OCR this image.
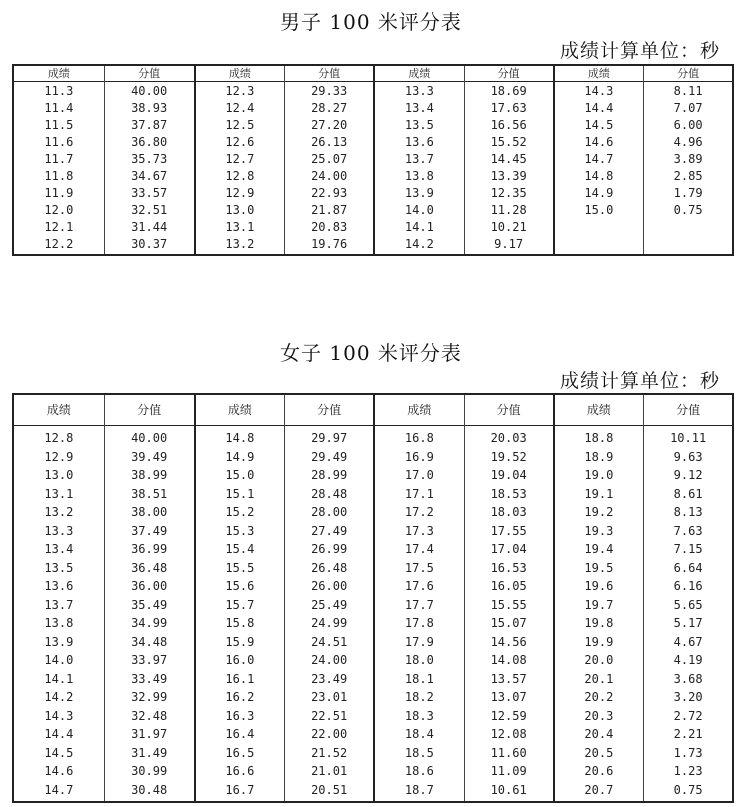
男子 100 米评分表
成绩计算单位：秒
成绩
11.3
11.4
11.5
11.6
11.7
11.8
11.9
12.0
12.1
12.2
分值
40.00
38.93
37.87
36.80
35.73
34.67
33.57
32.51
31.44
30.37
成绩
12.3
12.4
12.5
12.6
12.7
12.8
12.9
13.0
13.1
13.2
分值
29.33
28.27
27.20
26.13
25.07
24.00
22.93
21.87
20.83
19.76
成绩
13.3
13.4
13.5
13.6
13.7
13.8
13.9
14.0
14.1
14.2
分值
18.69
17.63
16.56
15.52
14.45
13.39
12.35
11.28
10.21
9.17
成绩
14.3
14.4
14.5
14.6
14.7
14.8
14.9
15.0
分值
8.11
7.07
6.00
4.96
3.89
2.85
1.79
0.75
女子 100 米评分表
成绩计算单位：秒
成绩
12.8
12.9
13.0
13.1
13.2
13.3
13.4
13.5
13.6
13.7
13.8
13.9
14.0
14.1
14.2
14.3
14.4
14.5
14.6
14.7
分值
40.00
39.49
38.99
38.51
38.00
37.49
36.99
36.48
36.00
35.49
34.99
34.48
33.97
33.49
32.99
32.48
31.97
31.49
30.99
30.48
成绩
14.8
14.9
15.0
15.1
15.2
15.3
15.4
15.5
15.6
15.7
15.8
15.9
16.0
16.1
16.2
16.3
16.4
16.5
16.6
16.7
分值
29.97
29.49
28.99
28.48
28.00
27.49
26.99
26.48
26.00
25.49
24.99
24.51
24.00
23.49
23.01
22.51
22.00
21.52
21.01
20.51
成绩
16.8
16.9
17.0
17.1
17.2
17.3
17.4
17.5
17.6
17.7
17.8
17.9
18.0
18.1
18.2
18.3
18.4
18.5
18.6
18.7
分值
20.03
19.52
19.04
18.53
18.03
17.55
17.04
16.53
16.05
15.55
15.07
14.56
14.08
13.57
13.07
12.59
12.08
11.60
11.09
10.61
成绩
18.8
18.9
19.0
19.1
19.2
19.3
19.4
19.5
19.6
19.7
19.8
19.9
20.0
20.1
20.2
20.3
20.4
20.5
20.6
20.7
分值
10.11
9.63
9.12
8.61
8.13
7.63
7.15
6.64
6.16
5.65
5.17
4.67
4.19
3.68
3.20
2.72
2.21
1.73
1.23
0.75
